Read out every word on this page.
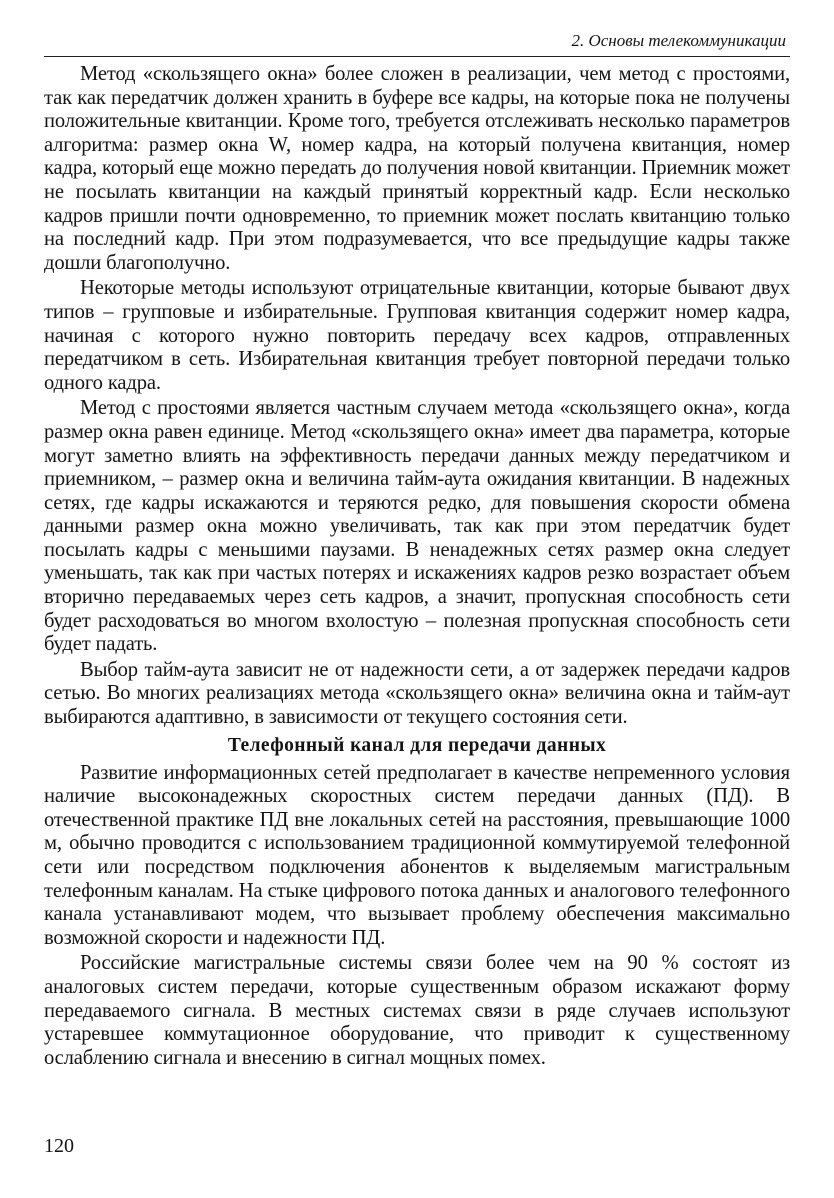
2. Основы телекоммуникации

Метод «скользящего окна» более сложен в реализации, чем метод с простоями, так как передатчик должен хранить в буфере все кадры, на которые пока не получены положительные квитанции. Кроме того, требуется отслеживать несколько параметров алгоритма: размер окна W, номер кадра, на который получена квитанция, номер кадра, который еще можно передать до получения новой квитанции. Приемник может не посылать квитанции на каждый принятый корректный кадр. Если несколько кадров пришли почти одновременно, то приемник может послать квитанцию только на последний кадр. При этом подразумевается, что все предыдущие кадры также дошли благополучно.

Некоторые методы используют отрицательные квитанции, которые бывают двух типов – групповые и избирательные. Групповая квитанция содержит номер кадра, начиная с которого нужно повторить передачу всех кадров, отправленных передатчиком в сеть. Избирательная квитанция требует повторной передачи только одного кадра.

Метод с простоями является частным случаем метода «скользящего окна», когда размер окна равен единице. Метод «скользящего окна» имеет два параметра, которые могут заметно влиять на эффективность передачи данных между передатчиком и приемником, – размер окна и величина тайм-аута ожидания квитанции. В надежных сетях, где кадры искажаются и теряются редко, для повышения скорости обмена данными размер окна можно увеличивать, так как при этом передатчик будет посылать кадры с меньшими паузами. В ненадежных сетях размер окна следует уменьшать, так как при частых потерях и искажениях кадров резко возрастает объем вторично передаваемых через сеть кадров, а значит, пропускная способность сети будет расходоваться во многом вхолостую – полезная пропускная способность сети будет падать.

Выбор тайм-аута зависит не от надежности сети, а от задержек передачи кадров сетью. Во многих реализациях метода «скользящего окна» величина окна и тайм-аут выбираются адаптивно, в зависимости от текущего состояния сети.

Телефонный канал для передачи данных

Развитие информационных сетей предполагает в качестве непременного условия наличие высоконадежных скоростных систем передачи данных (ПД). В отечественной практике ПД вне локальных сетей на расстояния, превышающие 1000 м, обычно проводится с использованием традиционной коммутируемой телефонной сети или посредством подключения абонентов к выделяемым магистральным телефонным каналам. На стыке цифрового потока данных и аналогового телефонного канала устанавливают модем, что вызывает проблему обеспечения максимально возможной скорости и надежности ПД.

Российские магистральные системы связи более чем на 90 % состоят из аналоговых систем передачи, которые существенным образом искажают форму передаваемого сигнала. В местных системах связи в ряде случаев используют устаревшее коммутационное оборудование, что приводит к существенному ослаблению сигнала и внесению в сигнал мощных помех.

120
